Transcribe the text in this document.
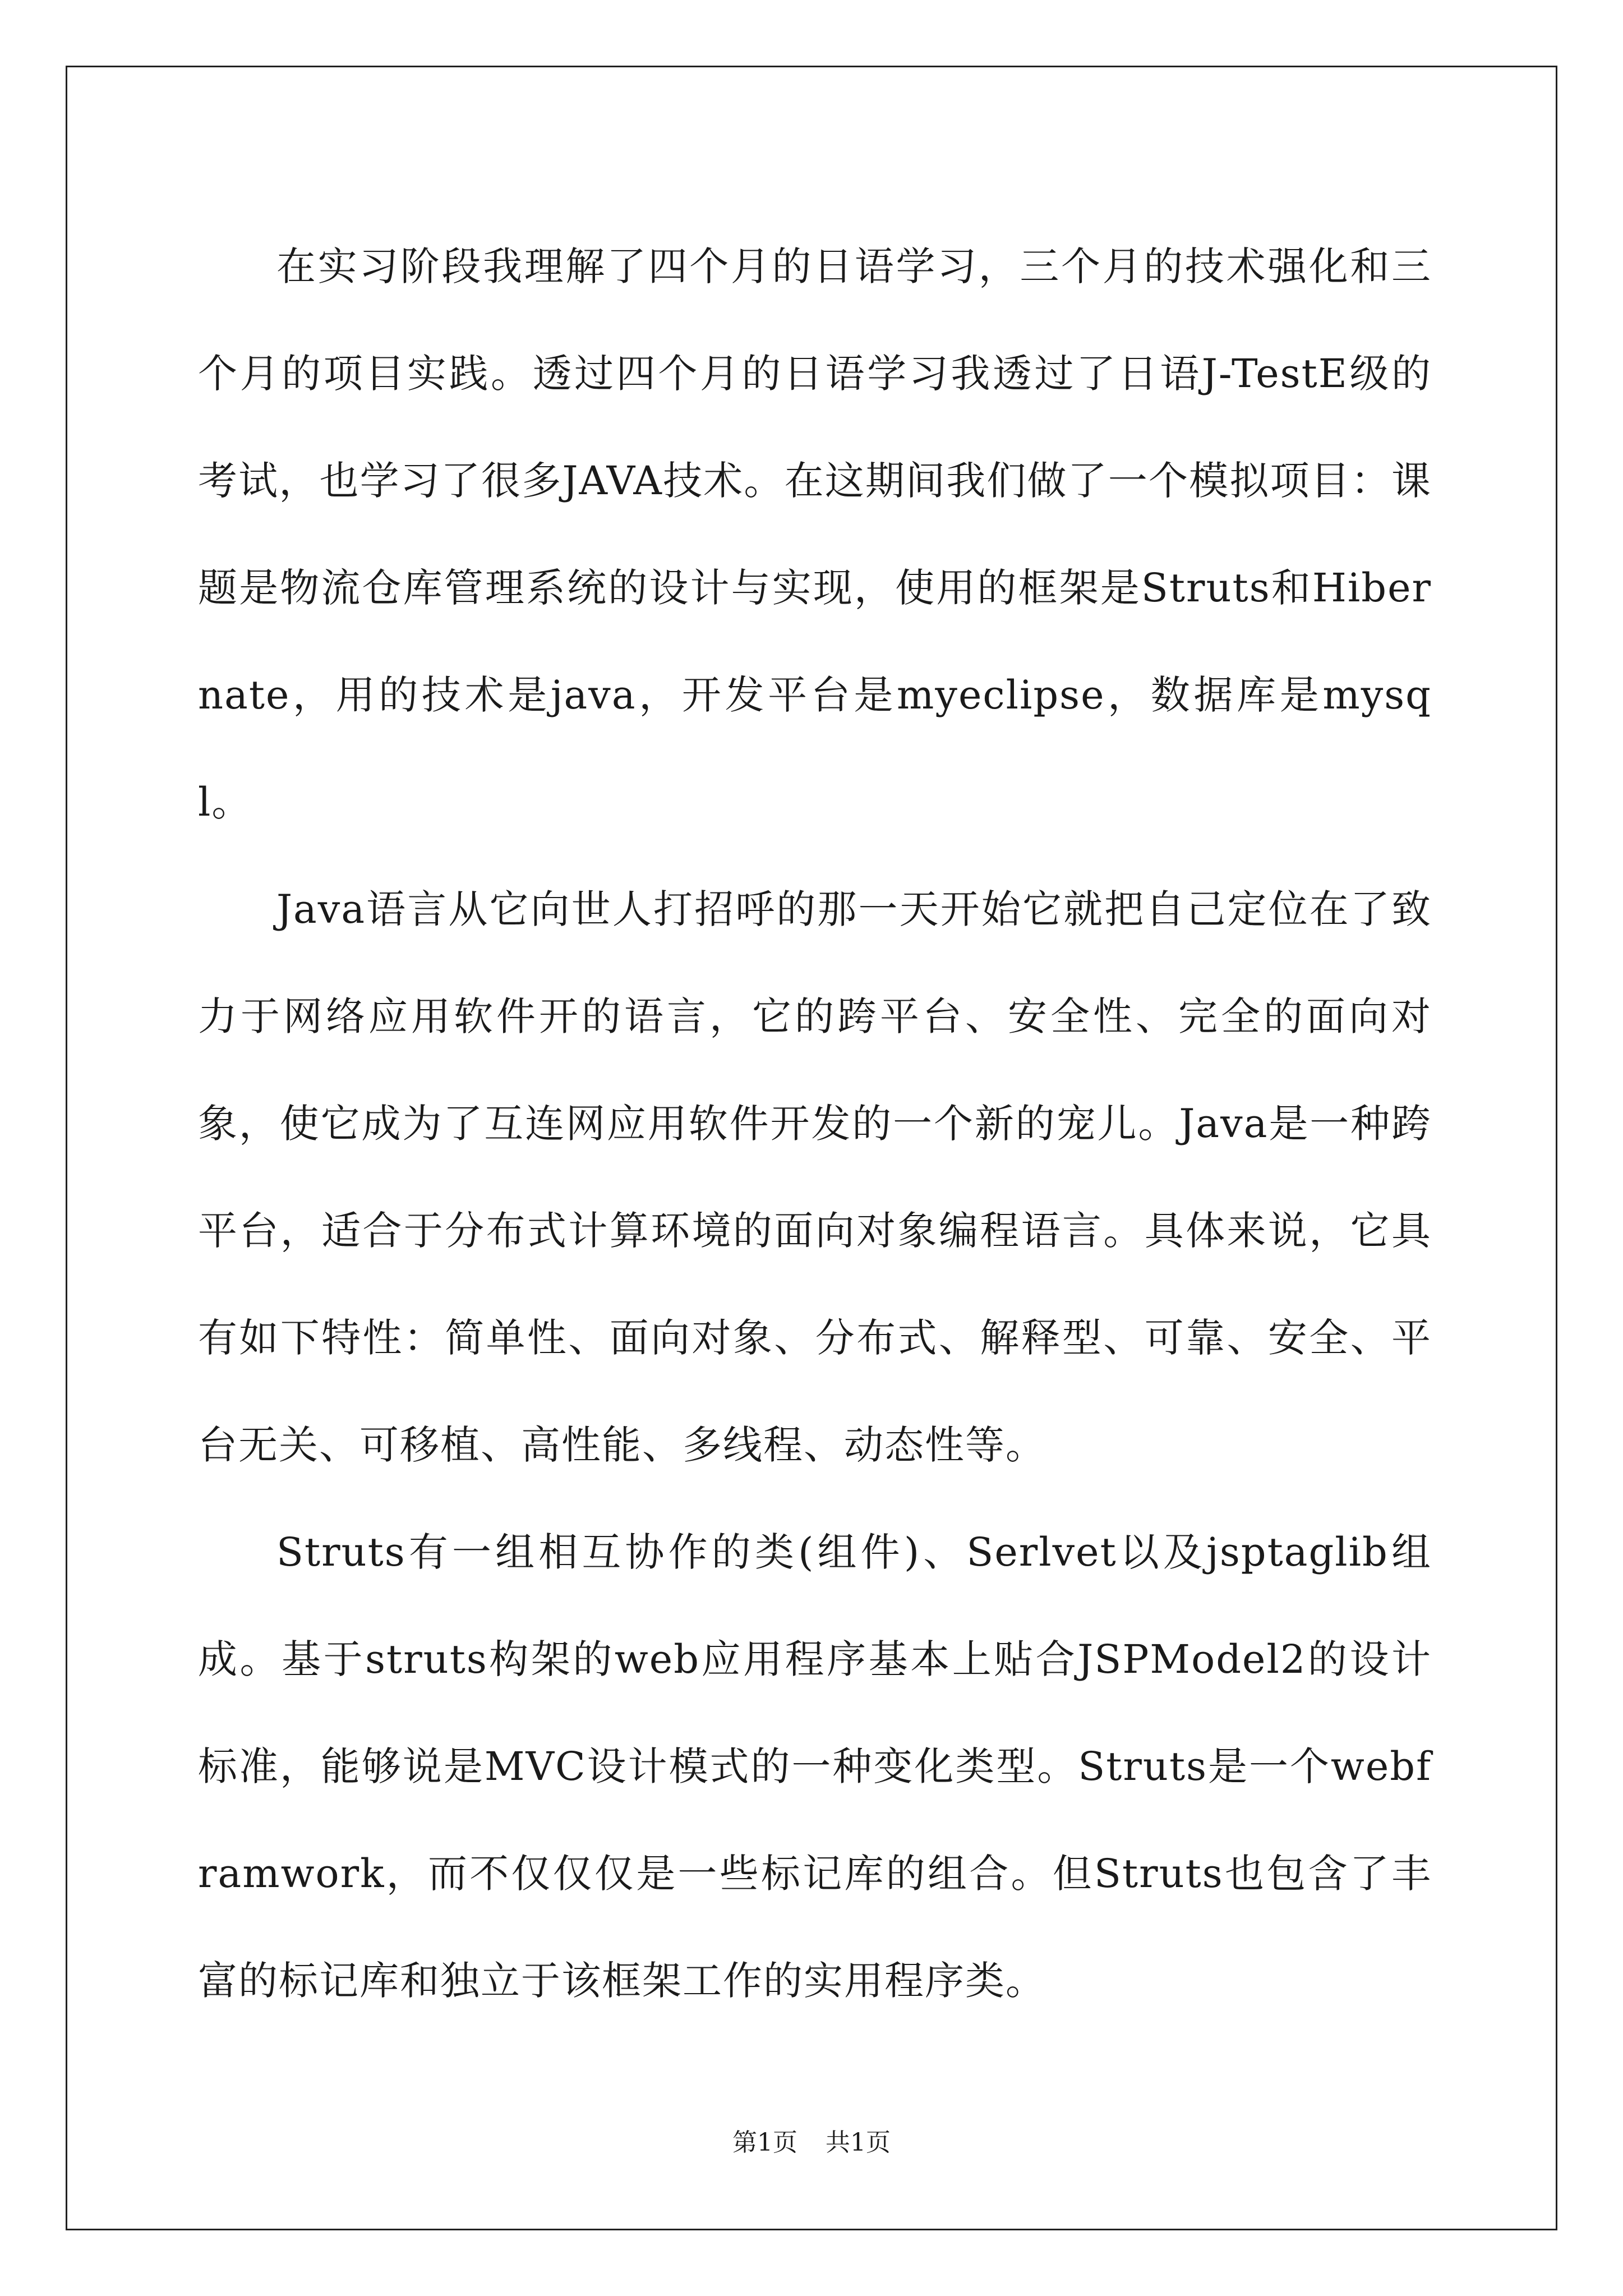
在实习阶段我理解了四个月的日语学习，三个月的技术强化和三个月的项目实践。透过四个月的日语学习我透过了日语J-TestE级的考试，也学习了很多JAVA技术。在这期间我们做了一个模拟项目：课题是物流仓库管理系统的设计与实现，使用的框架是Struts和Hibernate，用的技术是java，开发平台是myeclipse，数据库是mysql。

Java语言从它向世人打招呼的那一天开始它就把自己定位在了致力于网络应用软件开的语言，它的跨平台、安全性、完全的面向对象，使它成为了互连网应用软件开发的一个新的宠儿。Java是一种跨平台，适合于分布式计算环境的面向对象编程语言。具体来说，它具有如下特性：简单性、面向对象、分布式、解释型、可靠、安全、平台无关、可移植、高性能、多线程、动态性等。

Struts有一组相互协作的类(组件)、Serlvet以及jsptaglib组成。基于struts构架的web应用程序基本上贴合JSPModel2的设计标准，能够说是MVC设计模式的一种变化类型。Struts是一个webframwork，而不仅仅仅是一些标记库的组合。但Struts也包含了丰富的标记库和独立于该框架工作的实用程序类。

第1页 共1页
